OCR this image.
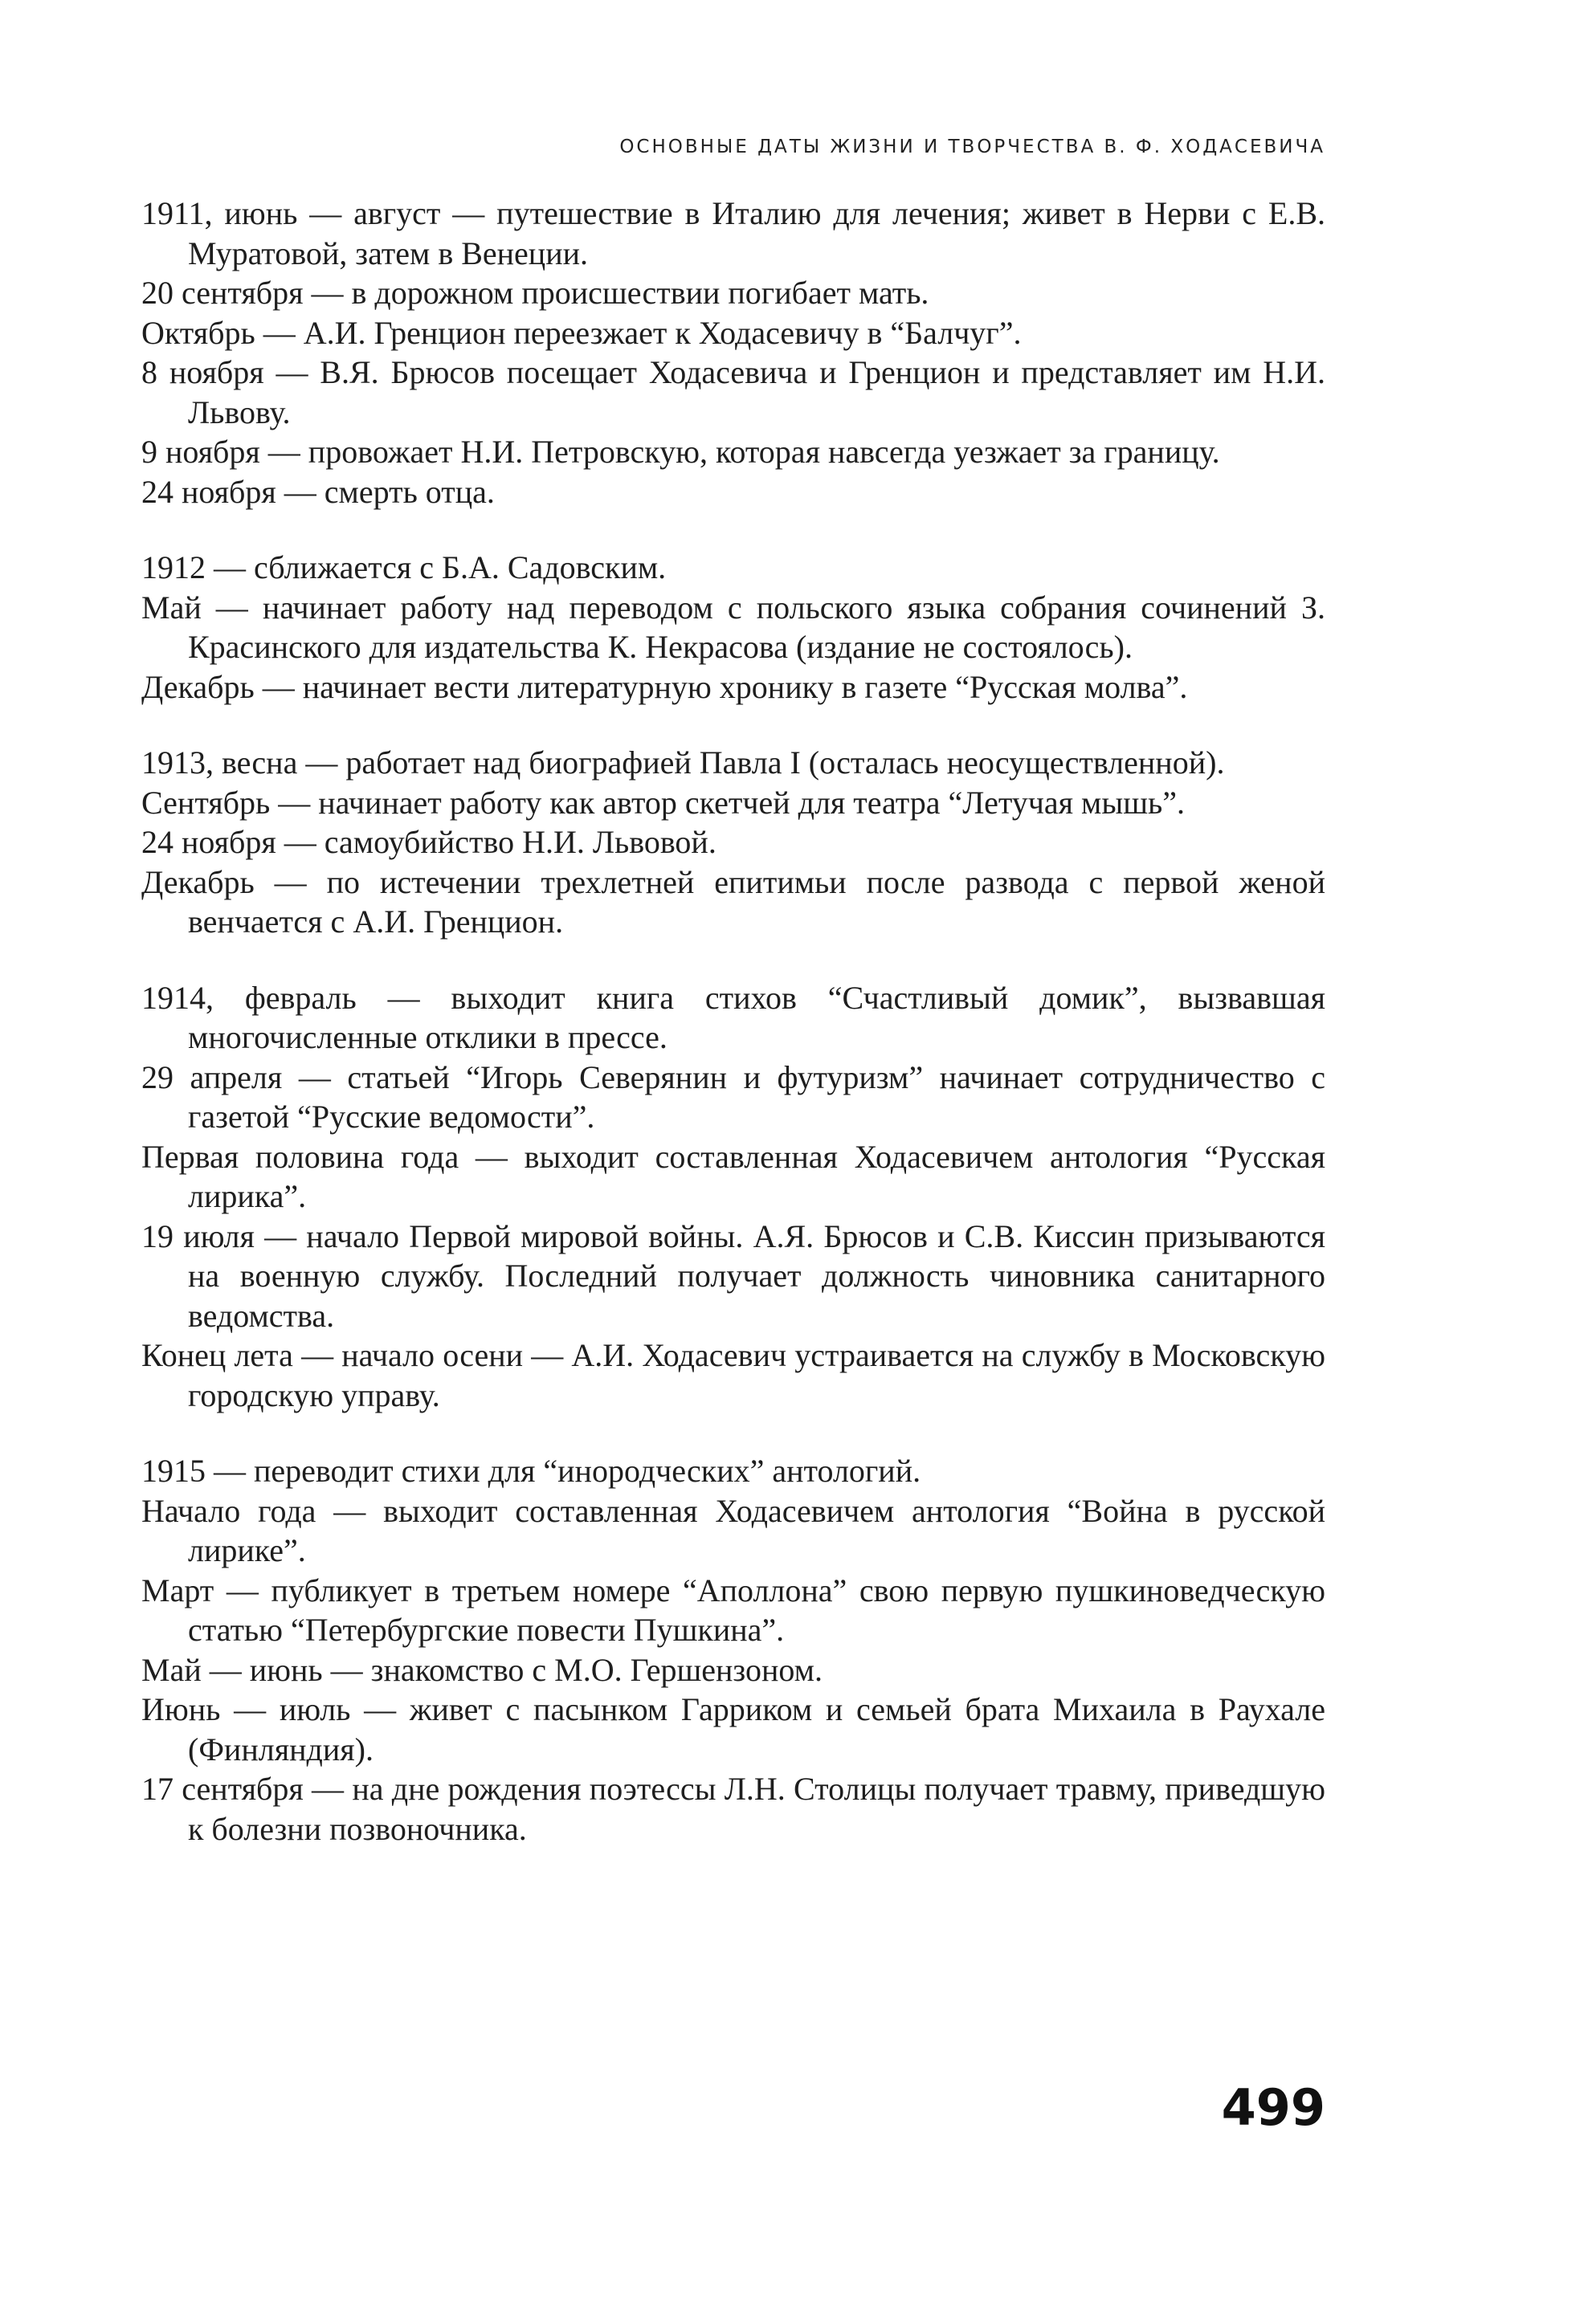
ОСНОВНЫЕ ДАТЫ ЖИЗНИ И ТВОРЧЕСТВА В. Ф. ХОДАСЕВИЧА

1911, июнь — август — путешествие в Италию для лечения; живет в Нерви с Е.В. Муратовой, затем в Венеции.

20 сентября — в дорожном происшествии погибает мать.

Октябрь — А.И. Гренцион переезжает к Ходасевичу в “Балчуг”.

8 ноября — В.Я. Брюсов посещает Ходасевича и Гренцион и представляет им Н.И. Львову.

9 ноября — провожает Н.И. Петровскую, которая навсегда уезжает за границу.

24 ноября — смерть отца.

1912 — сближается с Б.А. Садовским.

Май — начинает работу над переводом с польского языка собрания сочинений З. Красинского для издательства К. Некрасова (издание не состоялось).

Декабрь — начинает вести литературную хронику в газете “Русская молва”.

1913, весна — работает над биографией Павла I (осталась неосуществленной).

Сентябрь — начинает работу как автор скетчей для театра “Летучая мышь”.

24 ноября — самоубийство Н.И. Львовой.

Декабрь — по истечении трехлетней епитимьи после развода с первой женой венчается с А.И. Гренцион.

1914, февраль — выходит книга стихов “Счастливый домик”, вызвавшая многочисленные отклики в прессе.

29 апреля — статьей “Игорь Северянин и футуризм” начинает сотрудничество с газетой “Русские ведомости”.

Первая половина года — выходит составленная Ходасевичем антология “Русская лирика”.

19 июля — начало Первой мировой войны. А.Я. Брюсов и С.В. Киссин призываются на военную службу. Последний получает должность чиновника санитарного ведомства.

Конец лета — начало осени — А.И. Ходасевич устраивается на службу в Московскую городскую управу.

1915 — переводит стихи для “инородческих” антологий.

Начало года — выходит составленная Ходасевичем антология “Война в русской лирике”.

Март — публикует в третьем номере “Аполлона” свою первую пушкиноведческую статью “Петербургские повести Пушкина”.

Май — июнь — знакомство с М.О. Гершензоном.

Июнь — июль — живет с пасынком Гарриком и семьей брата Михаила в Раухале (Финляндия).

17 сентября — на дне рождения поэтессы Л.Н. Столицы получает травму, приведшую к болезни позвоночника.

499
